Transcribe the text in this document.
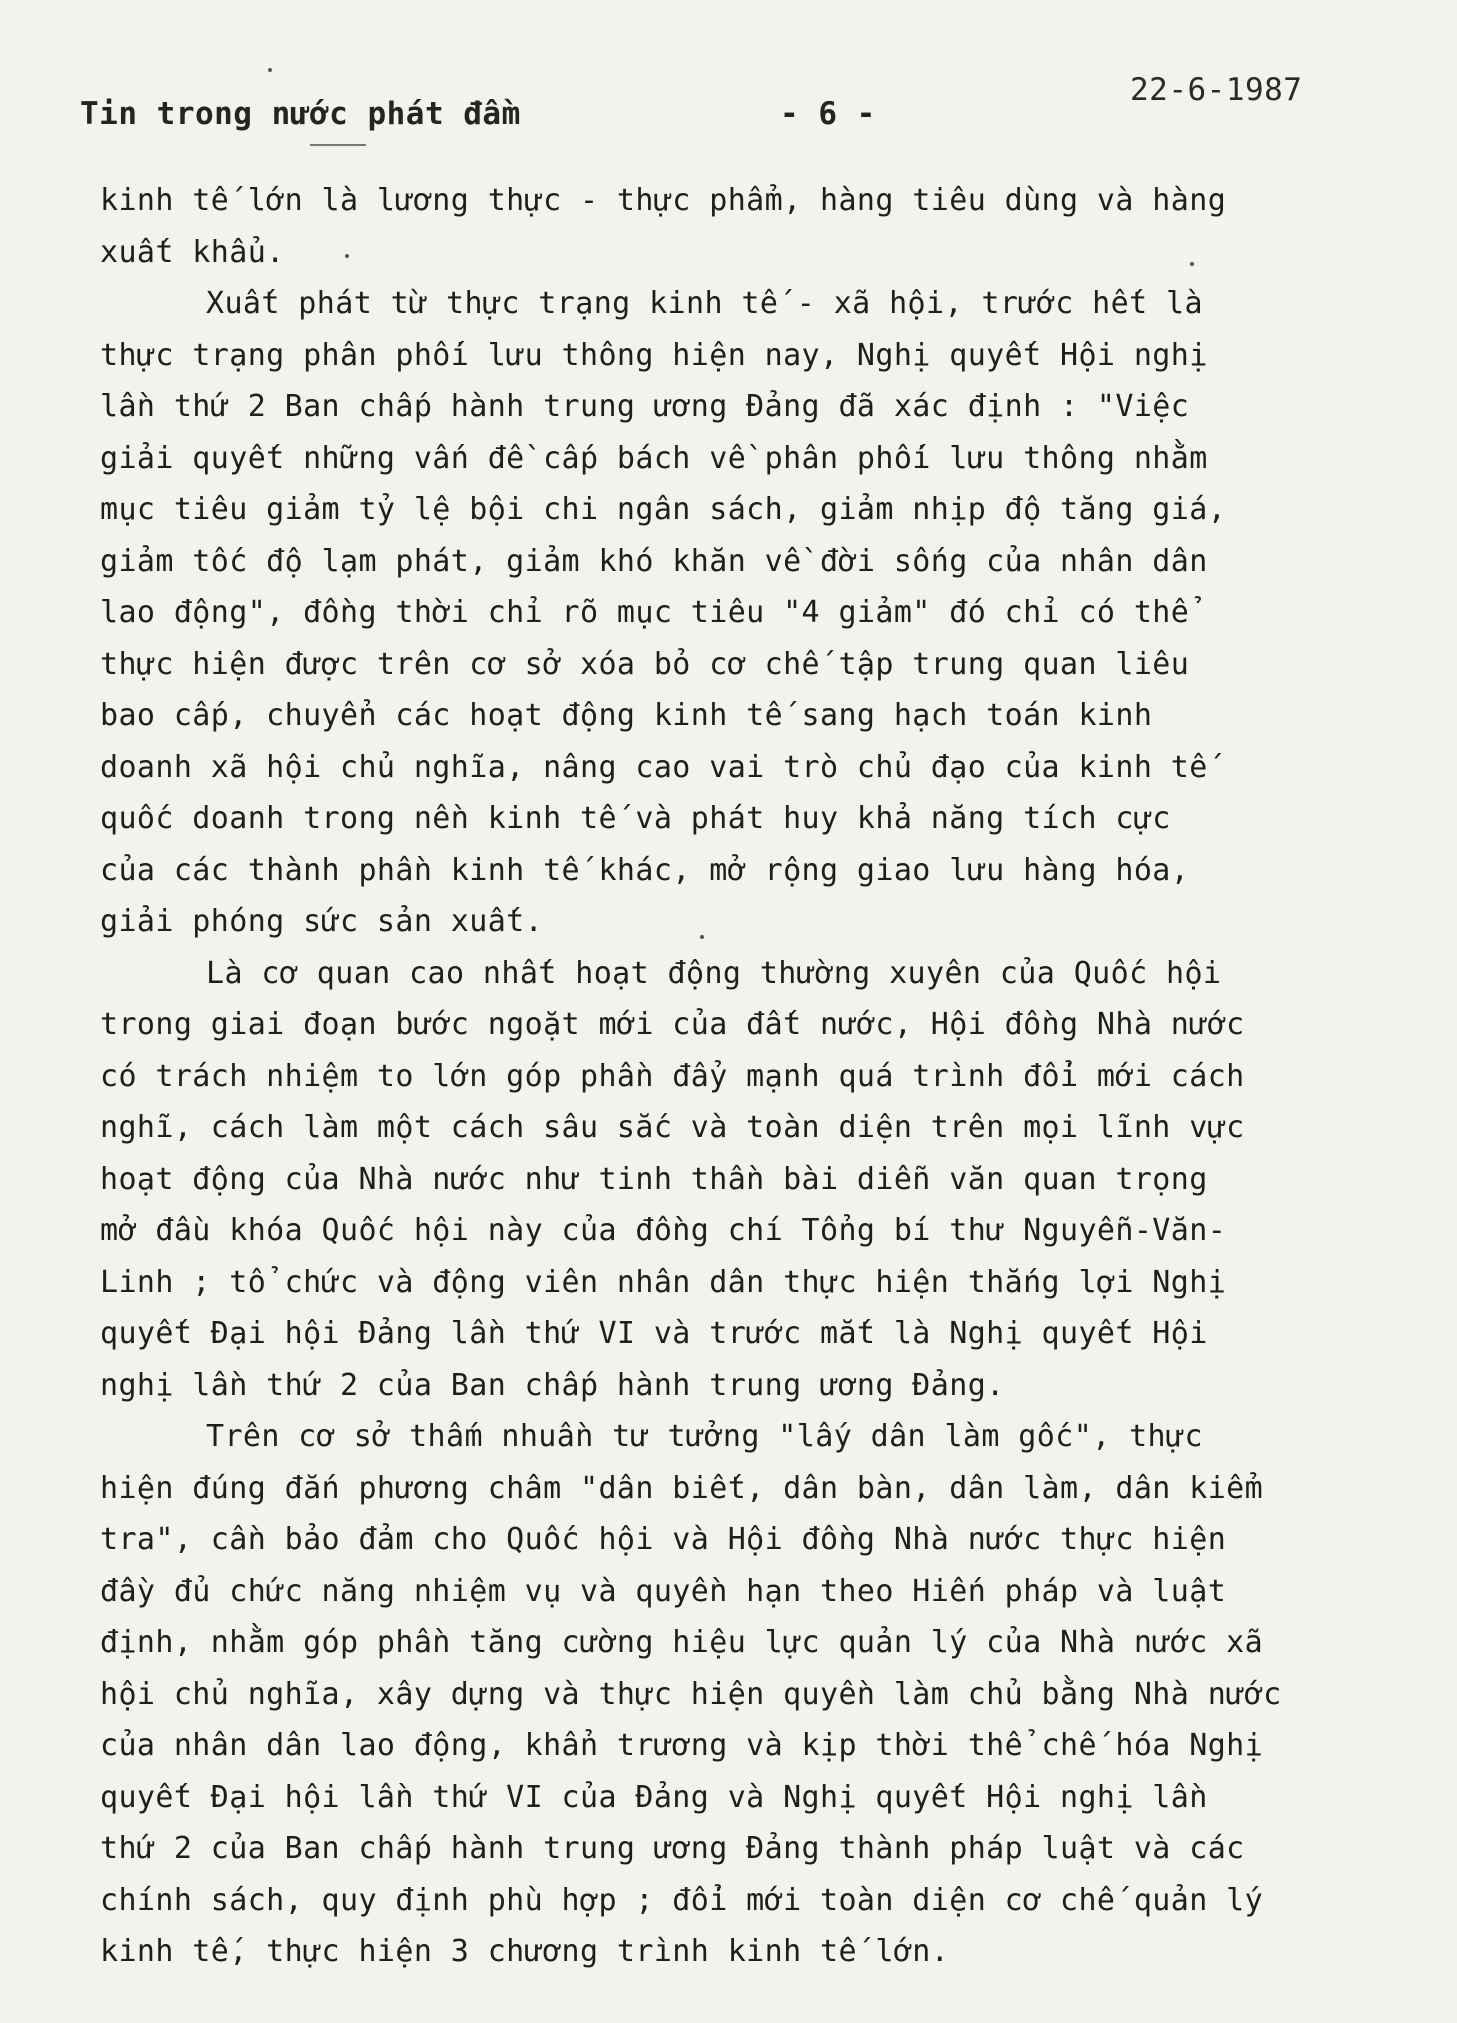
Tin trong nước phát đầm	- 6 -
22-6-1987

kinh tế lớn là lương thực - thực phẩm, hàng tiêu dùng và hàng
xuất khẩu.

Xuất phát từ thực trạng kinh tế - xã hội, trước hết là
thực trạng phân phối lưu thông hiện nay, Nghị quyết Hội nghị
lần thứ 2 Ban chấp hành trung ương Đảng đã xác định : "Việc
giải quyết những vấn đề cấp bách về phân phối lưu thông nhằm
mục tiêu giảm tỷ lệ bội chi ngân sách, giảm nhịp độ tăng giá,
giảm tốc độ lạm phát, giảm khó khăn về đời sống của nhân dân
lao động", đồng thời chỉ rõ mục tiêu "4 giảm" đó chỉ có thể
thực hiện được trên cơ sở xóa bỏ cơ chế tập trung quan liêu
bao cấp, chuyển các hoạt động kinh tế sang hạch toán kinh
doanh xã hội chủ nghĩa, nâng cao vai trò chủ đạo của kinh tế
quốc doanh trong nền kinh tế và phát huy khả năng tích cực
của các thành phần kinh tế khác, mở rộng giao lưu hàng hóa,
giải phóng sức sản xuất.

Là cơ quan cao nhất hoạt động thường xuyên của Quốc hội
trong giai đoạn bước ngoặt mới của đất nước, Hội đồng Nhà nước
có trách nhiệm to lớn góp phần đẩy mạnh quá trình đổi mới cách
nghĩ, cách làm một cách sâu sắc và toàn diện trên mọi lĩnh vực
hoạt động của Nhà nước như tinh thần bài diễn văn quan trọng
mở đầu khóa Quốc hội này của đồng chí Tổng bí thư Nguyễn-Văn-
Linh ; tổ chức và động viên nhân dân thực hiện thắng lợi Nghị
quyết Đại hội Đảng lần thứ VI và trước mắt là Nghị quyết Hội
nghị lần thứ 2 của Ban chấp hành trung ương Đảng.

Trên cơ sở thấm nhuần tư tưởng "lấy dân làm gốc", thực
hiện đúng đắn phương châm "dân biết, dân bàn, dân làm, dân kiểm
tra", cần bảo đảm cho Quốc hội và Hội đồng Nhà nước thực hiện
đầy đủ chức năng nhiệm vụ và quyền hạn theo Hiến pháp và luật
định, nhằm góp phần tăng cường hiệu lực quản lý của Nhà nước xã
hội chủ nghĩa, xây dựng và thực hiện quyền làm chủ bằng Nhà nước
của nhân dân lao động, khẩn trương và kịp thời thể chế hóa Nghị
quyết Đại hội lần thứ VI của Đảng và Nghị quyết Hội nghị lần
thứ 2 của Ban chấp hành trung ương Đảng thành pháp luật và các
chính sách, quy định phù hợp ; đổi mới toàn diện cơ chế quản lý
kinh tế, thực hiện 3 chương trình kinh tế lớn.
